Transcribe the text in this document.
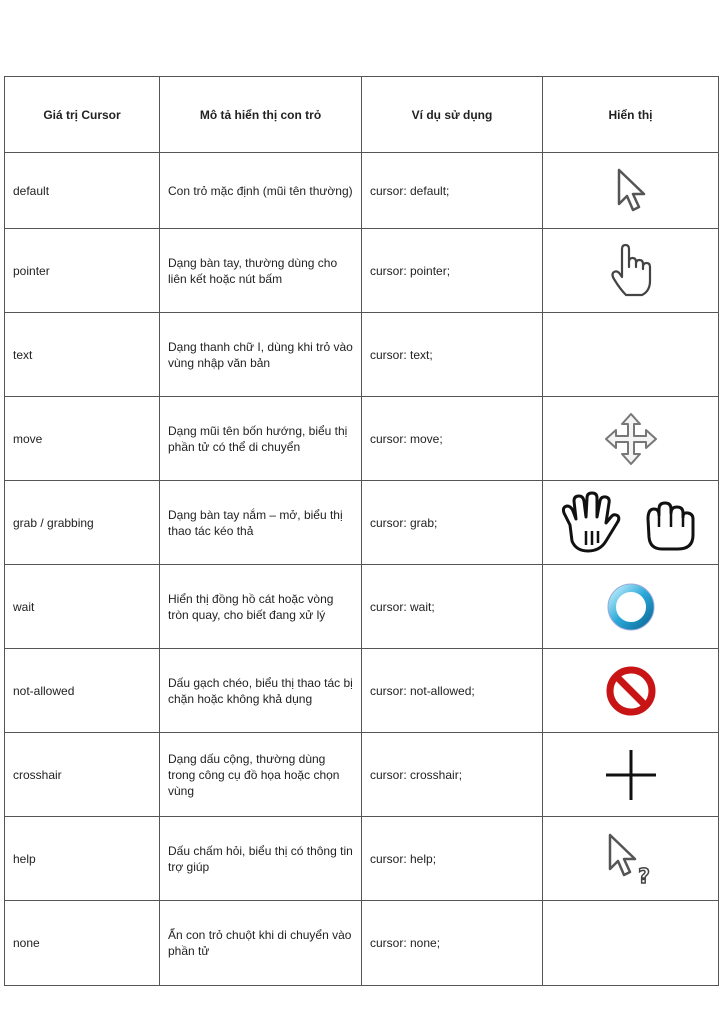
Giá trị Cursor	Mô tả hiển thị con trỏ	Ví dụ sử dụng	Hiển thị
default	Con trỏ mặc định (mũi tên thường)	cursor: default;	
pointer	Dạng bàn tay, thường dùng cho liên kết hoặc nút bấm	cursor: pointer;	
text	Dạng thanh chữ I, dùng khi trỏ vào vùng nhập văn bản	cursor: text;	
move	Dạng mũi tên bốn hướng, biểu thị phần tử có thể di chuyển	cursor: move;	
grab / grabbing	Dạng bàn tay nắm – mở, biểu thị thao tác kéo thả	cursor: grab;	
wait	Hiển thị đồng hồ cát hoặc vòng tròn quay, cho biết đang xử lý	cursor: wait;	
not-allowed	Dấu gạch chéo, biểu thị thao tác bị chặn hoặc không khả dụng	cursor: not-allowed;	
crosshair	Dạng dấu cộng, thường dùng trong công cụ đồ họa hoặc chọn vùng	cursor: crosshair;	
help	Dấu chấm hỏi, biểu thị có thông tin trợ giúp	cursor: help;	?

none	Ẩn con trỏ chuột khi di chuyển vào phần tử	cursor: none;	
